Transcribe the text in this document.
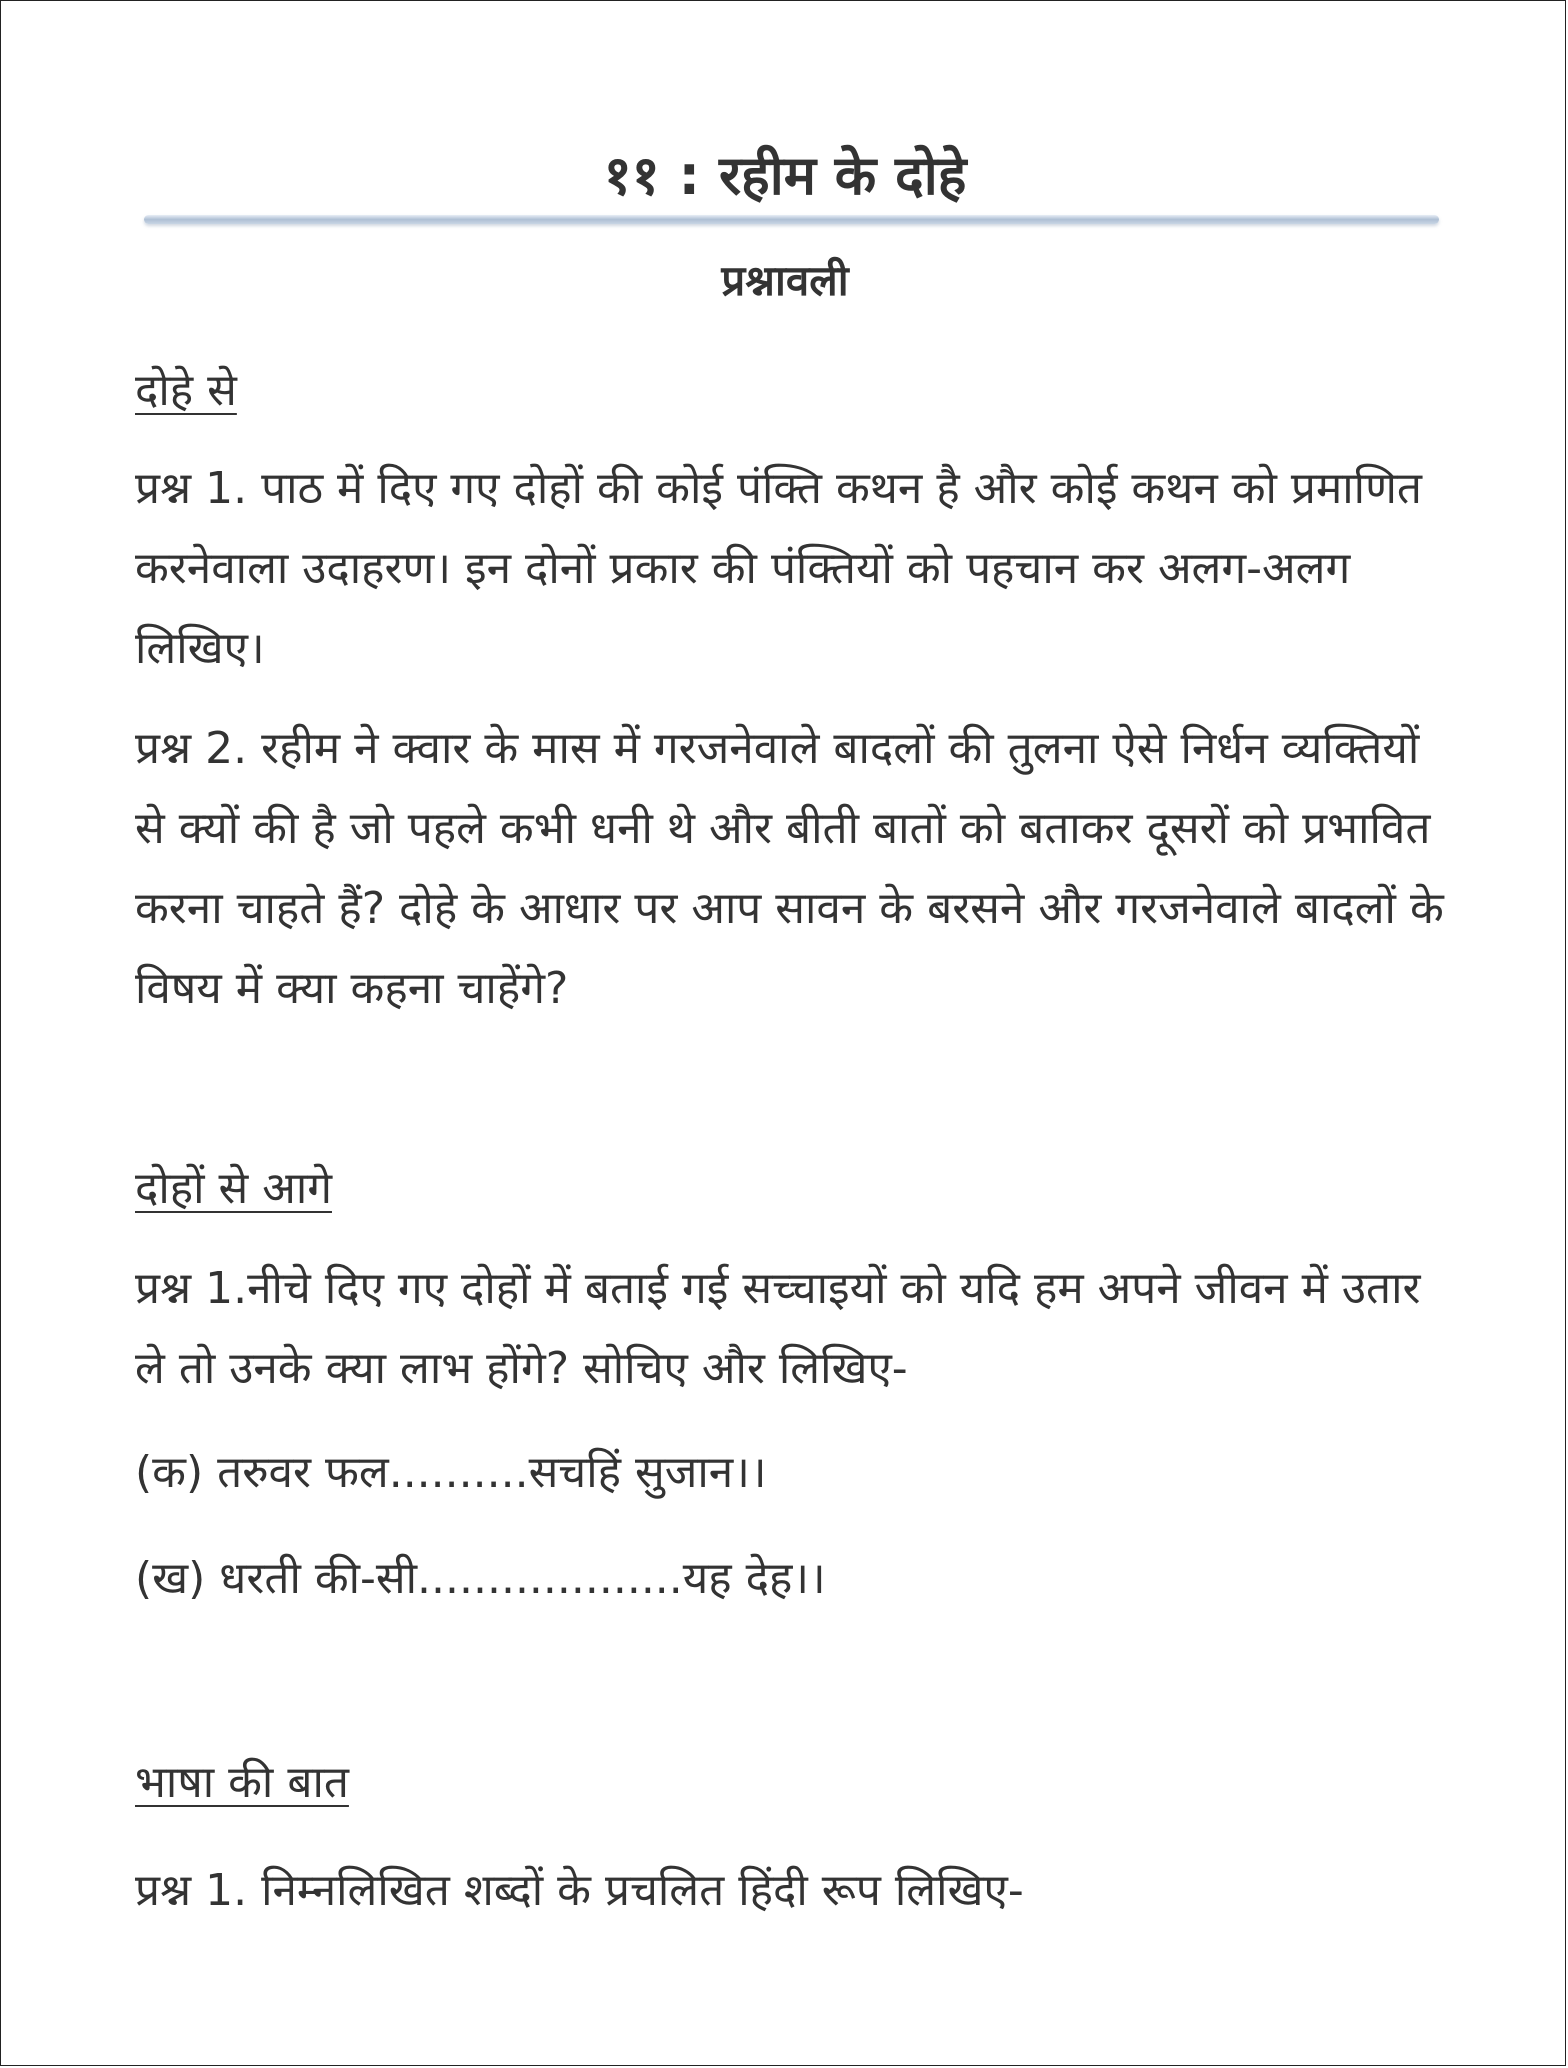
११ : रहीम के दोहे
प्रश्नावली
दोहे से
प्रश्न 1. पाठ में दिए गए दोहों की कोई पंक्ति कथन है और कोई कथन को प्रमाणित करनेवाला उदाहरण। इन दोनों प्रकार की पंक्तियों को पहचान कर अलग-अलग लिखिए।
प्रश्न 2. रहीम ने क्वार के मास में गरजनेवाले बादलों की तुलना ऐसे निर्धन व्यक्तियों से क्यों की है जो पहले कभी धनी थे और बीती बातों को बताकर दूसरों को प्रभावित करना चाहते हैं? दोहे के आधार पर आप सावन के बरसने और गरजनेवाले बादलों के विषय में क्या कहना चाहेंगे?
दोहों से आगे
प्रश्न 1.नीचे दिए गए दोहों में बताई गई सच्चाइयों को यदि हम अपने जीवन में उतार ले तो उनके क्या लाभ होंगे? सोचिए और लिखिए-
(क) तरुवर फल..........सचहिं सुजान।।
(ख) धरती की-सी...................यह देह।।
भाषा की बात
प्रश्न 1. निम्नलिखित शब्दों के प्रचलित हिंदी रूप लिखिए-
